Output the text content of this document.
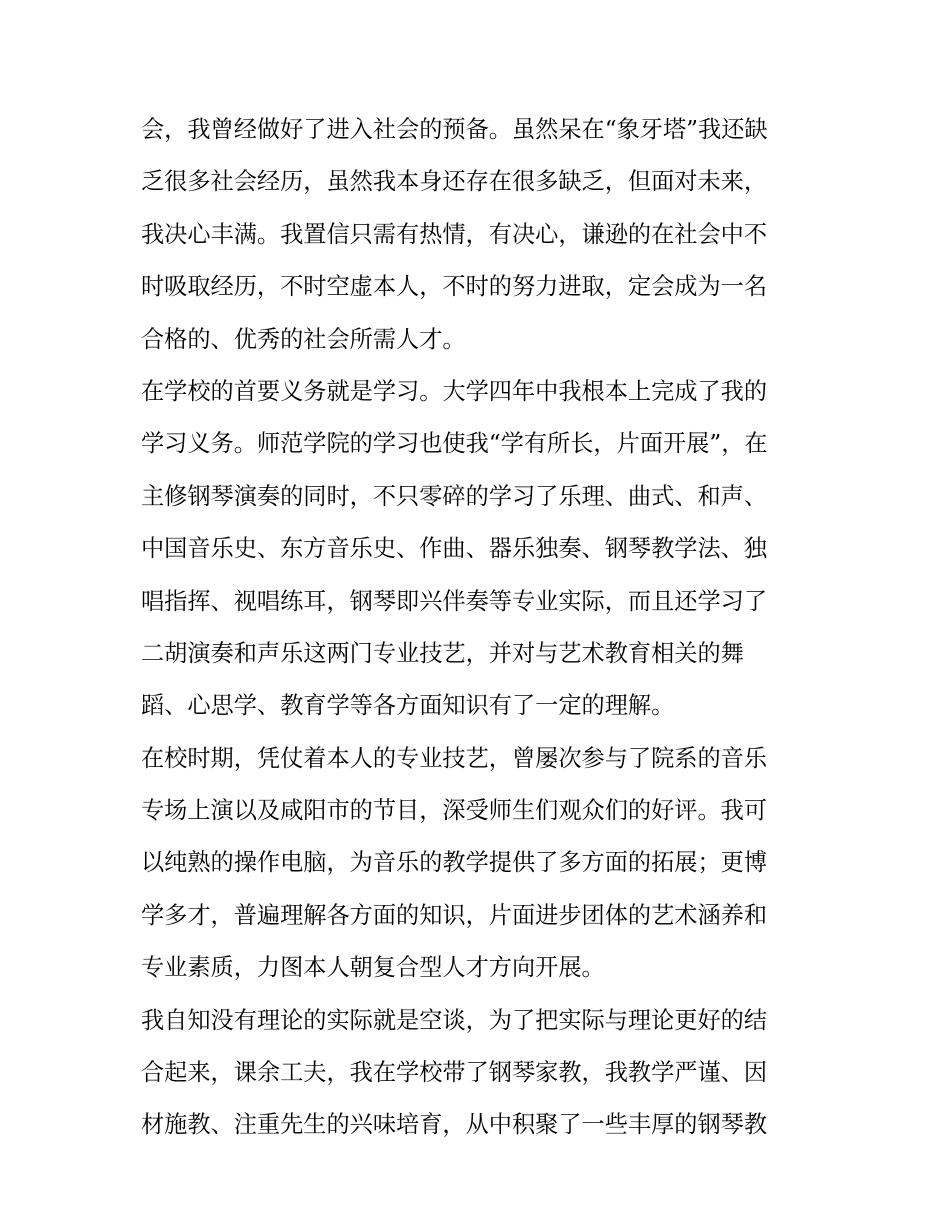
会，我曾经做好了进入社会的预备。虽然呆在“象牙塔”我还缺
乏很多社会经历，虽然我本身还存在很多缺乏，但面对未来，
我决心丰满。我置信只需有热情，有决心，谦逊的在社会中不
时吸取经历，不时空虚本人，不时的努力进取，定会成为一名
合格的、优秀的社会所需人才。
在学校的首要义务就是学习。大学四年中我根本上完成了我的
学习义务。师范学院的学习也使我“学有所长，片面开展”，在
主修钢琴演奏的同时，不只零碎的学习了乐理、曲式、和声、
中国音乐史、东方音乐史、作曲、器乐独奏、钢琴教学法、独
唱指挥、视唱练耳，钢琴即兴伴奏等专业实际，而且还学习了
二胡演奏和声乐这两门专业技艺，并对与艺术教育相关的舞
蹈、心思学、教育学等各方面知识有了一定的理解。
在校时期，凭仗着本人的专业技艺，曾屡次参与了院系的音乐
专场上演以及咸阳市的节目，深受师生们观众们的好评。我可
以纯熟的操作电脑，为音乐的教学提供了多方面的拓展；更博
学多才，普遍理解各方面的知识，片面进步团体的艺术涵养和
专业素质，力图本人朝复合型人才方向开展。
我自知没有理论的实际就是空谈，为了把实际与理论更好的结
合起来，课余工夫，我在学校带了钢琴家教，我教学严谨、因
材施教、注重先生的兴味培育，从中积聚了一些丰厚的钢琴教
